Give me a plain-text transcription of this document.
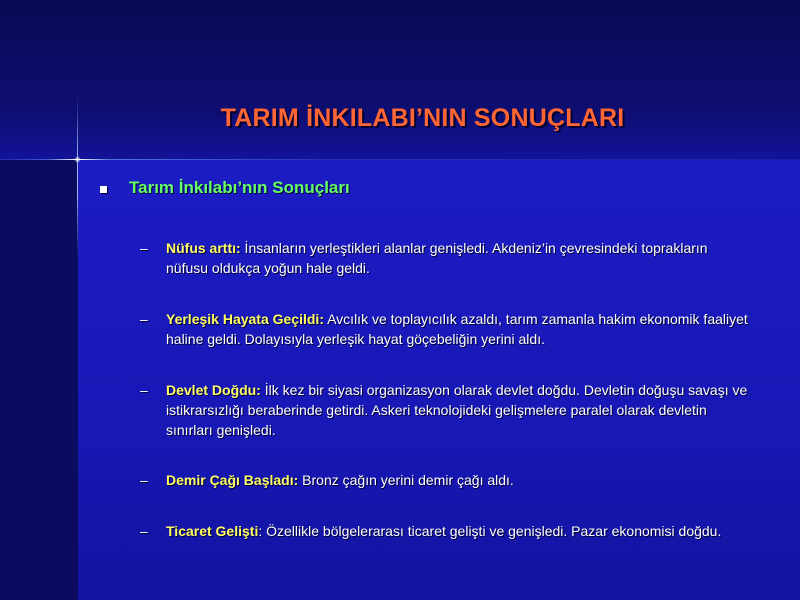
TARIM İNKILABI’NIN SONUÇLARI
Tarım İnkılabı’nın Sonuçları
–	Nüfus arttı: İnsanların yerleştikleri alanlar genişledi. Akdeniz’in çevresindeki toprakların nüfusu oldukça yoğun hale geldi.
–	Yerleşik Hayata Geçildi: Avcılık ve toplayıcılık azaldı, tarım zamanla hakim ekonomik faaliyet haline geldi. Dolayısıyla yerleşik hayat göçebeliğin yerini aldı.
–	Devlet Doğdu: İlk kez bir siyasi organizasyon olarak devlet doğdu. Devletin doğuşu savaşı ve istikrarsızlığı beraberinde getirdi. Askeri teknolojideki gelişmelere paralel olarak devletin sınırları genişledi.
–	Demir Çağı Başladı: Bronz çağın yerini demir çağı aldı.
–	Ticaret Gelişti: Özellikle bölgelerarası ticaret gelişti ve genişledi. Pazar ekonomisi doğdu.
